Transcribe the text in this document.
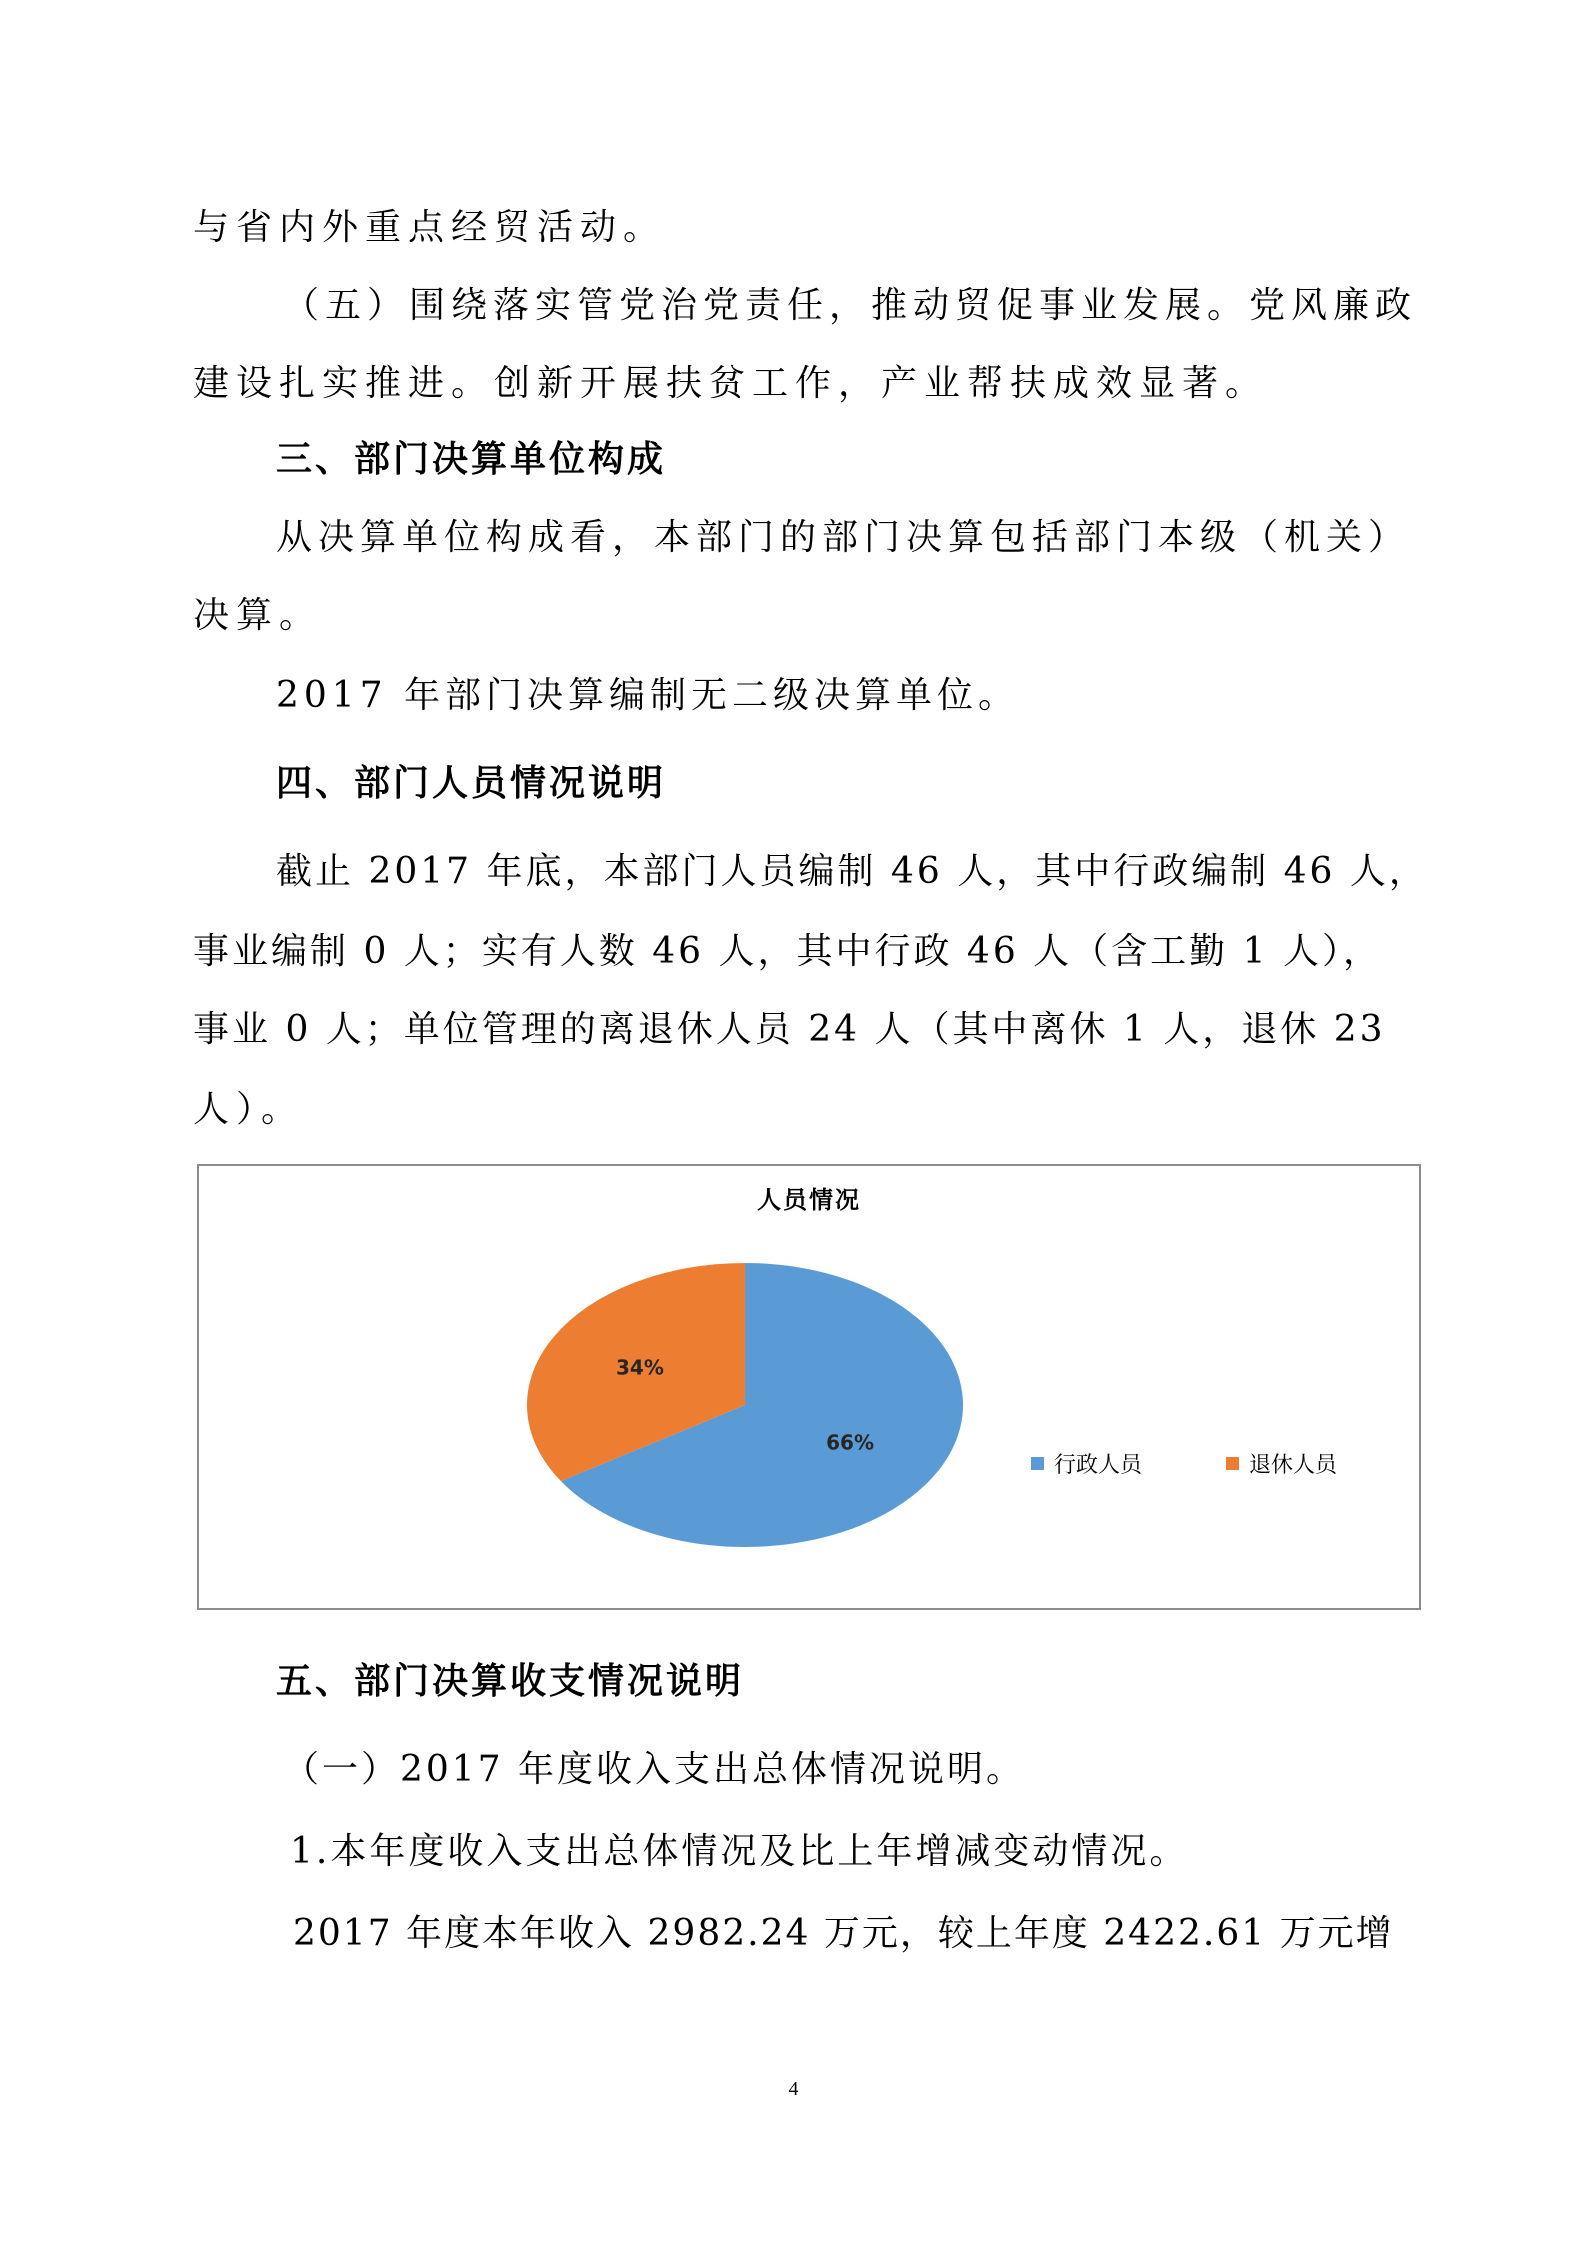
与省内外重点经贸活动。
（五）围绕落实管党治党责任，推动贸促事业发展。党风廉政
建设扎实推进。创新开展扶贫工作，产业帮扶成效显著。
三、部门决算单位构成
从决算单位构成看，本部门的部门决算包括部门本级（机关）
决算。
2017 年部门决算编制无二级决算单位。
四、部门人员情况说明
截止 2017 年底，本部门人员编制 46 人，其中行政编制 46 人，
事业编制 0 人；实有人数 46 人，其中行政 46 人（含工勤 1 人），
事业 0 人；单位管理的离退休人员 24 人（其中离休 1 人，退休 23
人）。
人员情况
66%
34%
行政人员	退休人员
五、部门决算收支情况说明
（一）2017 年度收入支出总体情况说明。
1.本年度收入支出总体情况及比上年增减变动情况。
2017 年度本年收入 2982.24 万元，较上年度 2422.61 万元增
4
